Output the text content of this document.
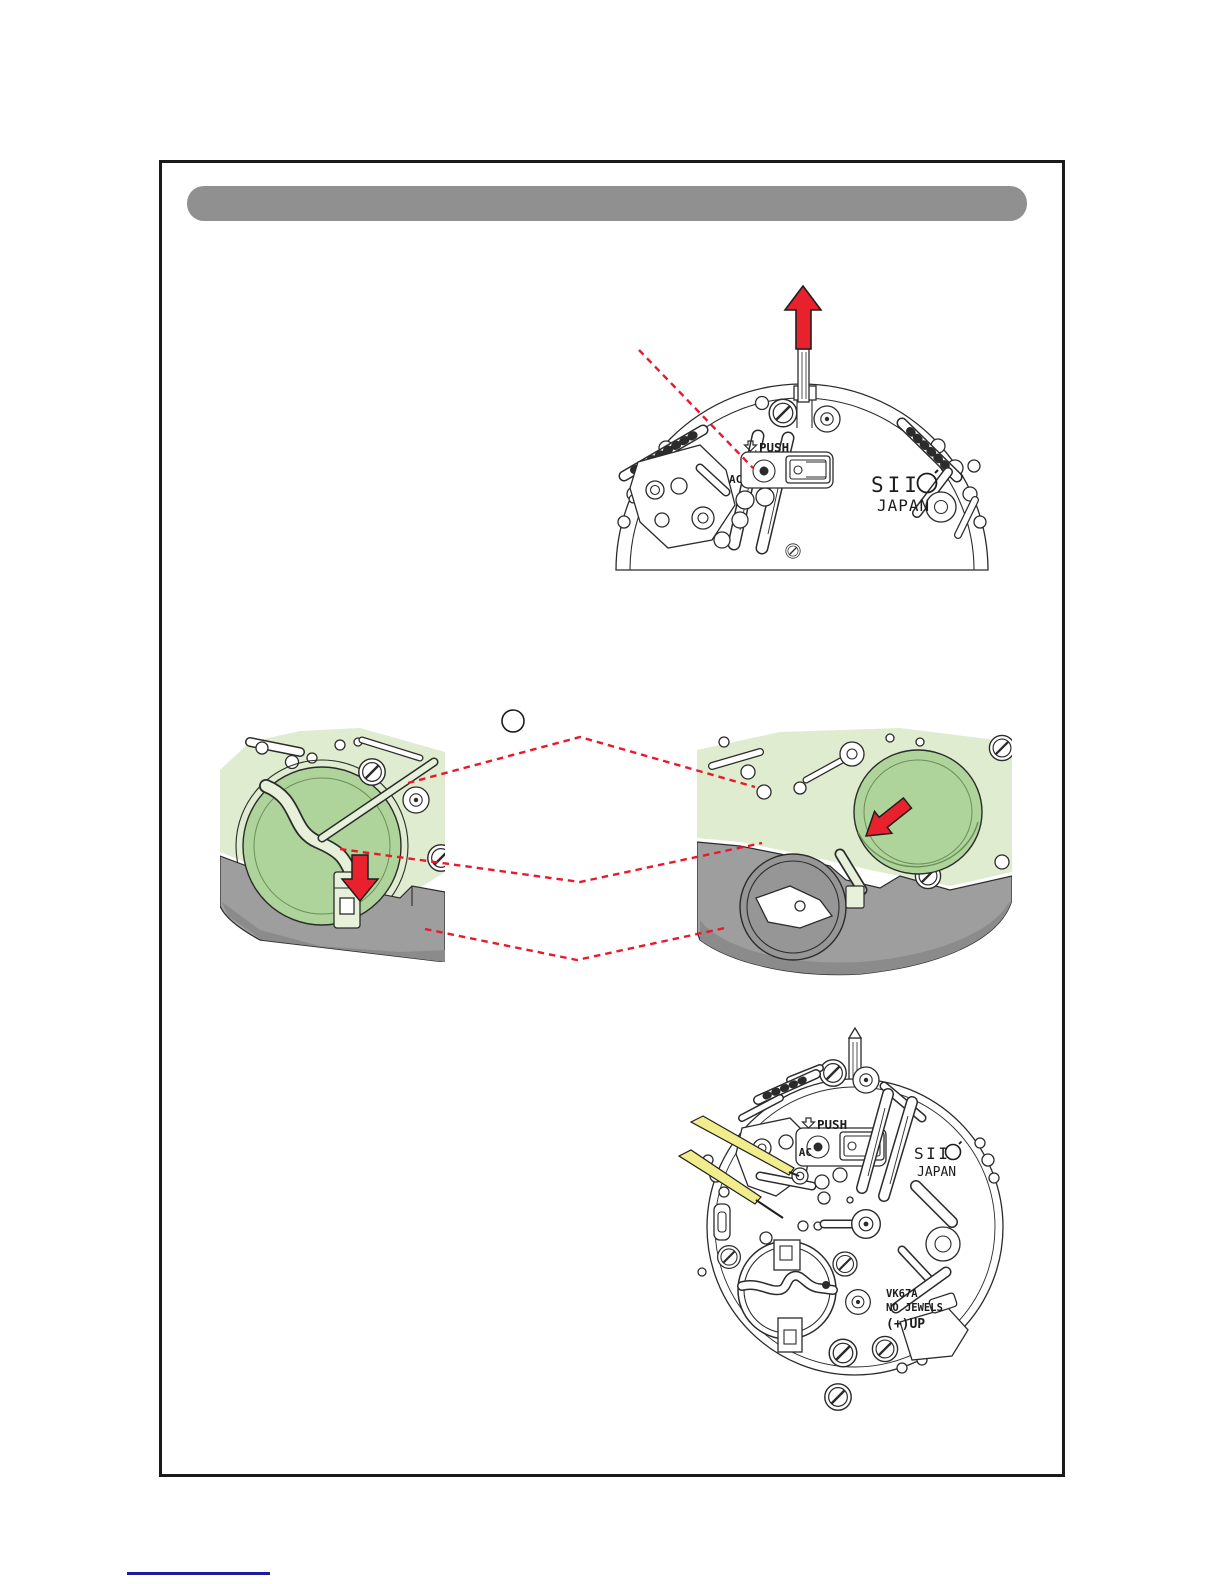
PUSH
AC	SII
JAPAN
PUSH
AC	SII
JAPAN
VK67A
NO JEWELS
(+)UP
